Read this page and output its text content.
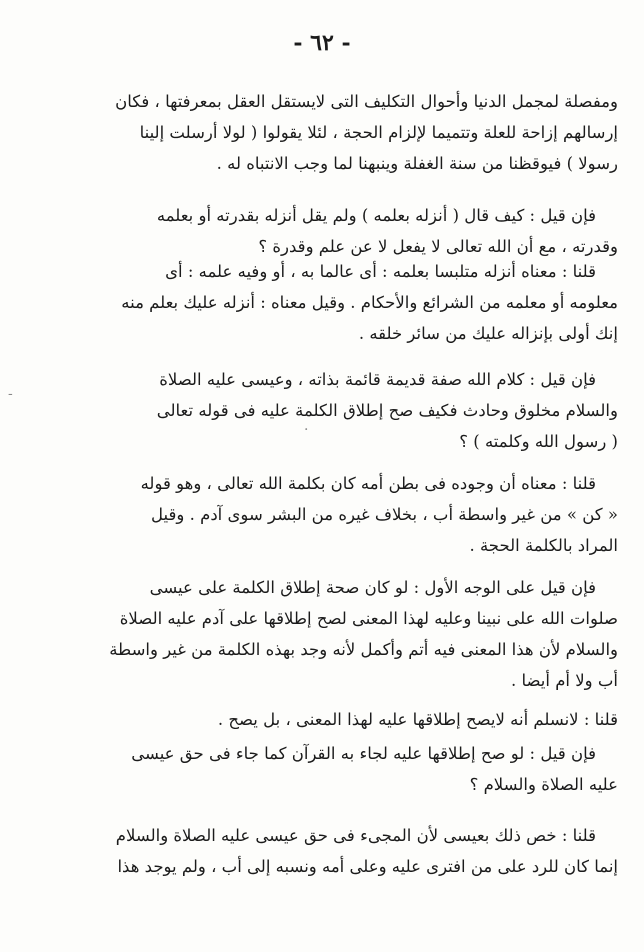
- ٦٢ -
ومفصلة لمجمل الدنيا وأحوال التكليف التى لايستقل العقل بمعرفتها ، فكان
إرسالهم إزاحة للعلة وتتميما لإلزام الحجة ، لئلا يقولوا ( لولا أرسلت إلينا
رسولا ) فيوقظنا من سنة الغفلة وينبهنا لما وجب الانتباه له .
فإن قيل : كيف قال ( أنزله بعلمه ) ولم يقل أنزله بقدرته أو بعلمه
وقدرته ، مع أن الله تعالى لا يفعل لا عن علم وقدرة ؟
قلنا : معناه أنزله متلبسا بعلمه : أى عالما به ، أو وفيه علمه : أى
معلومه أو معلمه من الشرائع والأحكام . وقيل معناه : أنزله عليك بعلم منه
إنك أولى بإنزاله عليك من سائر خلقه .
فإن قيل : كلام الله صفة قديمة قائمة بذاته ، وعيسى عليه الصلاة
والسلام مخلوق وحادث فكيف صح إطلاق الكلمة عليه فى قوله تعالى
( رسول الله وكلمته ) ؟
قلنا : معناه أن وجوده فى بطن أمه كان بكلمة الله تعالى ، وهو قوله
« كن » من غير واسطة أب ، بخلاف غيره من البشر سوى آدم . وقيل
المراد بالكلمة الحجة .
فإن قيل على الوجه الأول : لو كان صحة إطلاق الكلمة على عيسى
صلوات الله على نبينا وعليه لهذا المعنى لصح إطلاقها على آدم عليه الصلاة
والسلام لأن هذا المعنى فيه أتم وأكمل لأنه وجد بهذه الكلمة من غير واسطة
أب ولا أم أيضا .
قلنا : لانسلم أنه لايصح إطلاقها عليه لهذا المعنى ، بل يصح .
فإن قيل : لو صح إطلاقها عليه لجاء به القرآن كما جاء فى حق عيسى
عليه الصلاة والسلام ؟
قلنا : خص ذلك بعيسى لأن المجىء فى حق عيسى عليه الصلاة والسلام
إنما كان للرد على من افترى عليه وعلى أمه ونسبه إلى أب ، ولم يوجد هذا
-
·
